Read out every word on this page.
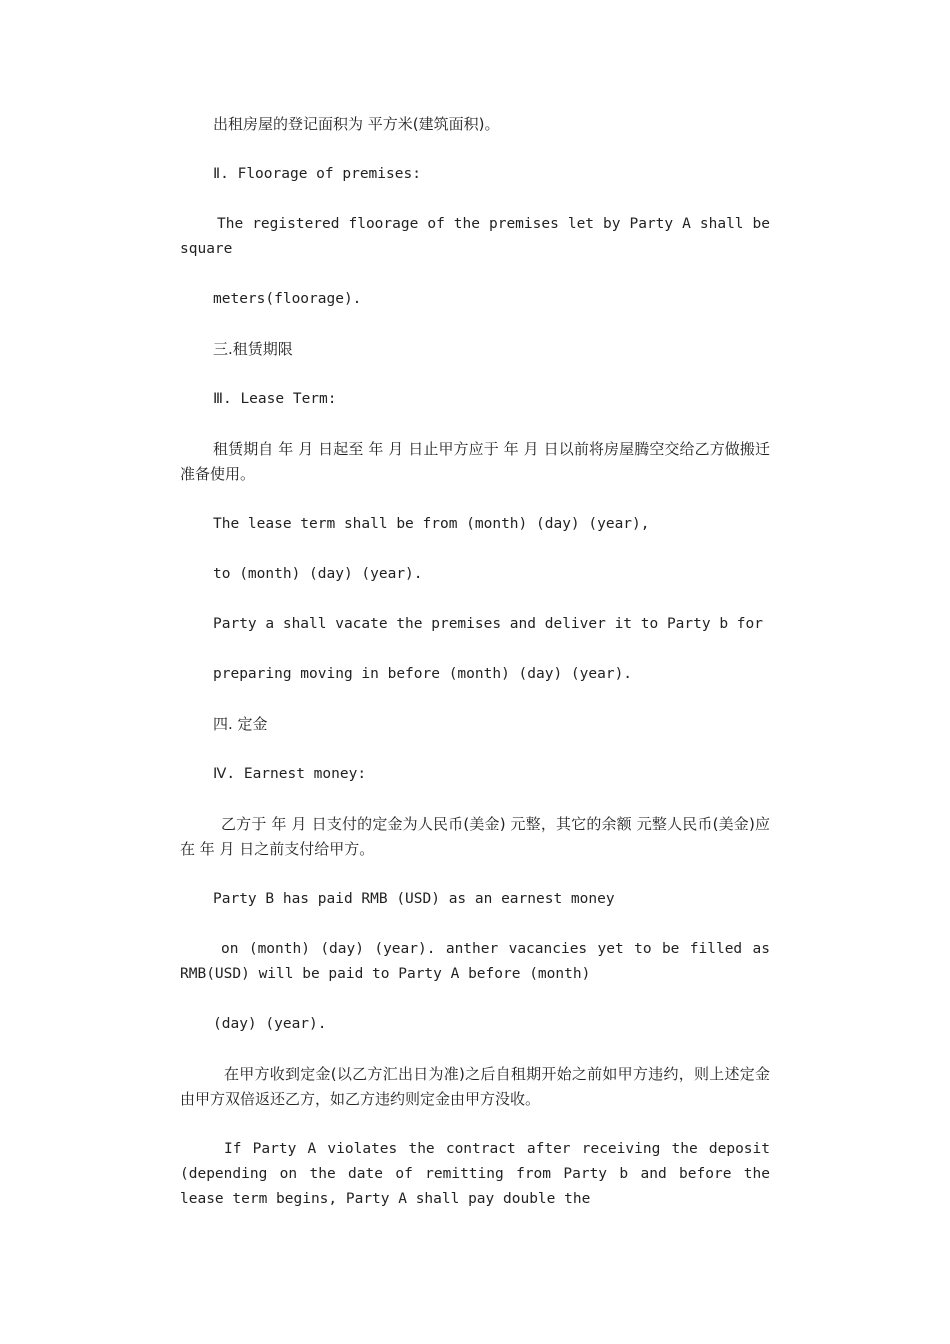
出租房屋的登记面积为 平方米(建筑面积)。

Ⅱ. Floorage of premises:

The registered floorage of the premises let by Party A shall be square

meters(floorage).

三.租赁期限

Ⅲ. Lease Term:

租赁期自 年 月 日起至 年 月 日止甲方应于 年 月 日以前将房屋腾空交给乙方做搬迁准备使用。

The lease term shall be from (month) (day) (year),

to (month) (day) (year).

Party a shall vacate the premises and deliver it to Party b for

preparing moving in before (month) (day) (year).

四. 定金

Ⅳ. Earnest money:

乙方于 年 月 日支付的定金为人民币(美金) 元整，其它的余额 元整人民币(美金)应在 年 月 日之前支付给甲方。

Party B has paid RMB (USD) as an earnest money

on (month) (day) (year). anther vacancies yet to be filled as RMB(USD) will be paid to Party A before (month)

(day) (year).

在甲方收到定金(以乙方汇出日为准)之后自租期开始之前如甲方违约，则上述定金由甲方双倍返还乙方，如乙方违约则定金由甲方没收。

If Party A violates the contract after receiving the deposit (depending on the date of remitting from Party b and before the lease term begins, Party A shall pay double the
